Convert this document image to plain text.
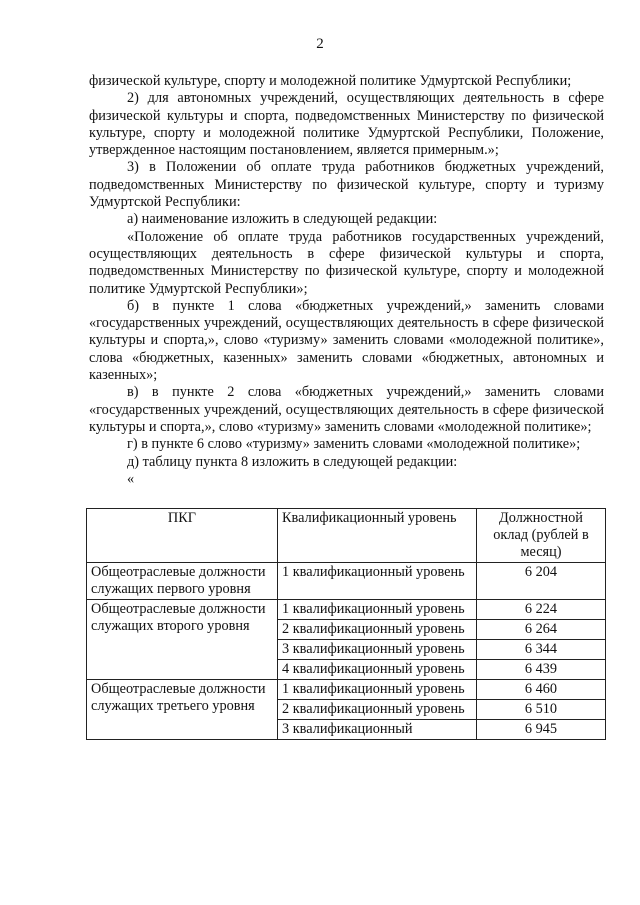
2

физической культуре, спорту и молодежной политике Удмуртской Республики;

2) для автономных учреждений, осуществляющих деятельность в сфере физической культуры и спорта, подведомственных Министерству по физической культуре, спорту и молодежной политике Удмуртской Республики, Положение, утвержденное настоящим постановлением, является примерным.»;

3) в Положении об оплате труда работников бюджетных учреждений, подведомственных Министерству по физической культуре, спорту и туризму Удмуртской Республики:

а) наименование изложить в следующей редакции:

«Положение об оплате труда работников государственных учреждений, осуществляющих деятельность в сфере физической культуры и спорта, подведомственных Министерству по физической культуре, спорту и молодежной политике Удмуртской Республики»;

б) в пункте 1 слова «бюджетных учреждений,» заменить словами «государственных учреждений, осуществляющих деятельность в сфере физической культуры и спорта,», слово «туризму» заменить словами «молодежной политике», слова «бюджетных, казенных» заменить словами «бюджетных, автономных и казенных»;

в) в пункте 2 слова «бюджетных учреждений,» заменить словами «государственных учреждений, осуществляющих деятельность в сфере физической культуры и спорта,», слово «туризму» заменить словами «молодежной политике»;

г) в пункте 6 слово «туризму» заменить словами «молодежной политике»;

д) таблицу пункта 8 изложить в следующей редакции:

«

ПКГ	Квалификационный уровень	Должностной оклад (рублей в месяц)
Общеотраслевые должности служащих первого уровня	1 квалификационный уровень	6 204
Общеотраслевые должности служащих второго уровня	1 квалификационный уровень	6 224
	2 квалификационный уровень	6 264
	3 квалификационный уровень	6 344
	4 квалификационный уровень	6 439
Общеотраслевые должности служащих третьего уровня	1 квалификационный уровень	6 460
	2 квалификационный уровень	6 510
	3 квалификационный	6 945
